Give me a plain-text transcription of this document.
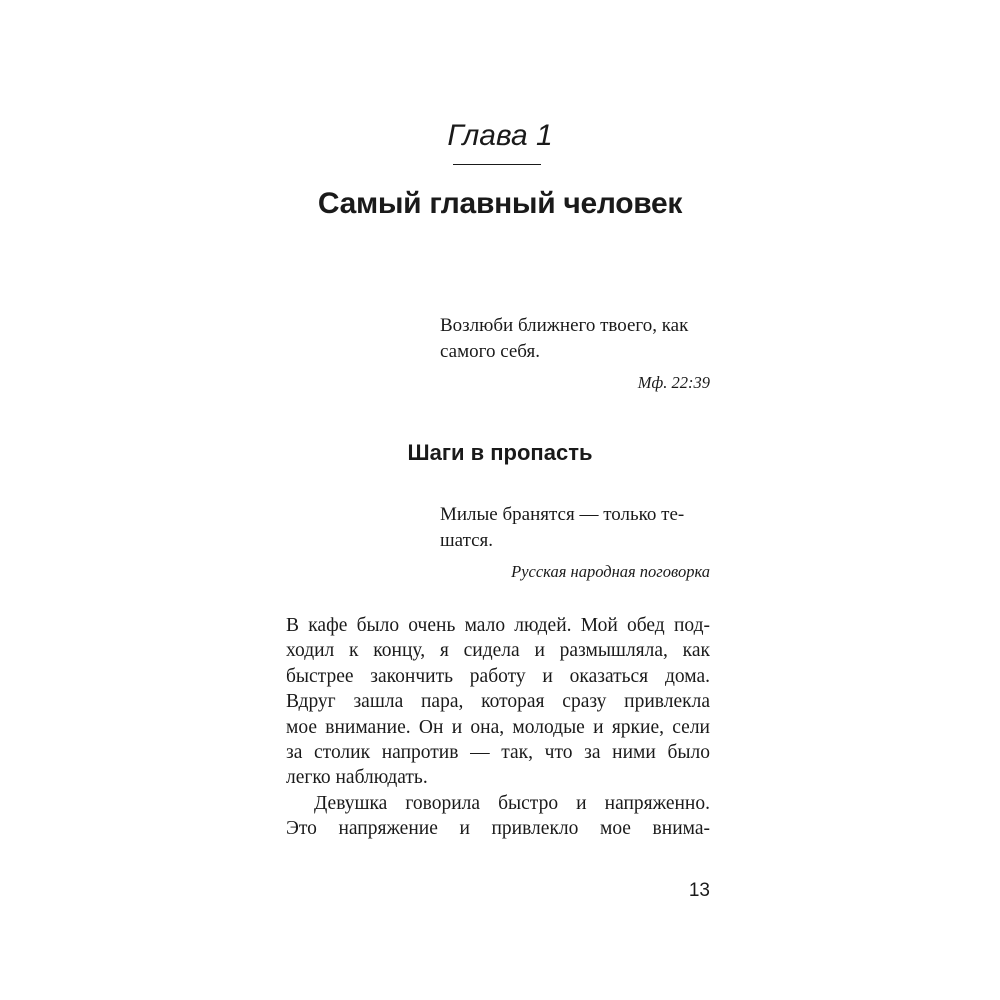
Глава 1
Самый главный человек
Возлюби ближнего твоего, как
самого себя.
Мф. 22:39
Шаги в пропасть
Милые бранятся — только те-
шатся.
Русская народная поговорка
В кафе было очень мало людей. Мой обед под-
ходил к концу, я сидела и размышляла, как
быстрее закончить работу и оказаться дома.
Вдруг зашла пара, которая сразу привлекла
мое внимание. Он и она, молодые и яркие, сели
за столик напротив — так, что за ними было
легко наблюдать.
Девушка говорила быстро и напряженно.
Это напряжение и привлекло мое внима-
13
